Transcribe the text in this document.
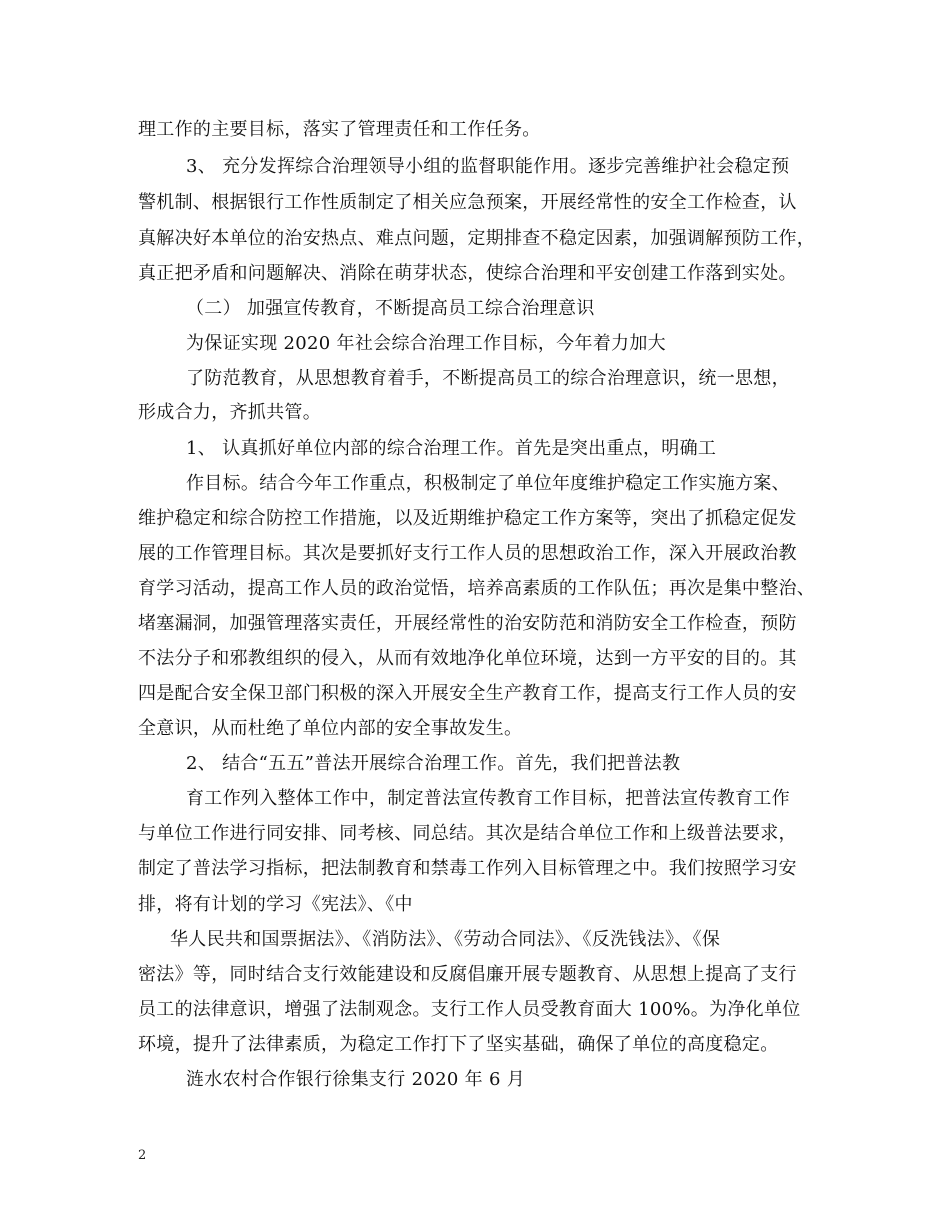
理工作的主要目标，落实了管理责任和工作任务。
3、 充分发挥综合治理领导小组的监督职能作用。逐步完善维护社会稳定预
警机制、根据银行工作性质制定了相关应急预案，开展经常性的安全工作检查，认
真解决好本单位的治安热点、难点问题，定期排查不稳定因素，加强调解预防工作，
真正把矛盾和问题解决、消除在萌芽状态，使综合治理和平安创建工作落到实处。
（二） 加强宣传教育，不断提高员工综合治理意识
为保证实现 2020 年社会综合治理工作目标，今年着力加大
了防范教育，从思想教育着手，不断提高员工的综合治理意识，统一思想，
形成合力，齐抓共管。
1、 认真抓好单位内部的综合治理工作。首先是突出重点，明确工
作目标。结合今年工作重点，积极制定了单位年度维护稳定工作实施方案、
维护稳定和综合防控工作措施，以及近期维护稳定工作方案等，突出了抓稳定促发
展的工作管理目标。其次是要抓好支行工作人员的思想政治工作，深入开展政治教
育学习活动，提高工作人员的政治觉悟，培养高素质的工作队伍；再次是集中整治、
堵塞漏洞，加强管理落实责任，开展经常性的治安防范和消防安全工作检查，预防
不法分子和邪教组织的侵入，从而有效地净化单位环境，达到一方平安的目的。其
四是配合安全保卫部门积极的深入开展安全生产教育工作，提高支行工作人员的安
全意识，从而杜绝了单位内部的安全事故发生。
2、 结合“五五”普法开展综合治理工作。首先，我们把普法教
育工作列入整体工作中，制定普法宣传教育工作目标，把普法宣传教育工作
与单位工作进行同安排、同考核、同总结。其次是结合单位工作和上级普法要求，
制定了普法学习指标，把法制教育和禁毒工作列入目标管理之中。我们按照学习安
排，将有计划的学习《宪法》、《中
华人民共和国票据法》、《消防法》、《劳动合同法》、《反洗钱法》、《保
密法》等，同时结合支行效能建设和反腐倡廉开展专题教育、从思想上提高了支行
员工的法律意识，增强了法制观念。支行工作人员受教育面大 100%。为净化单位
环境，提升了法律素质，为稳定工作打下了坚实基础，确保了单位的高度稳定。
涟水农村合作银行徐集支行 2020 年 6 月
2
